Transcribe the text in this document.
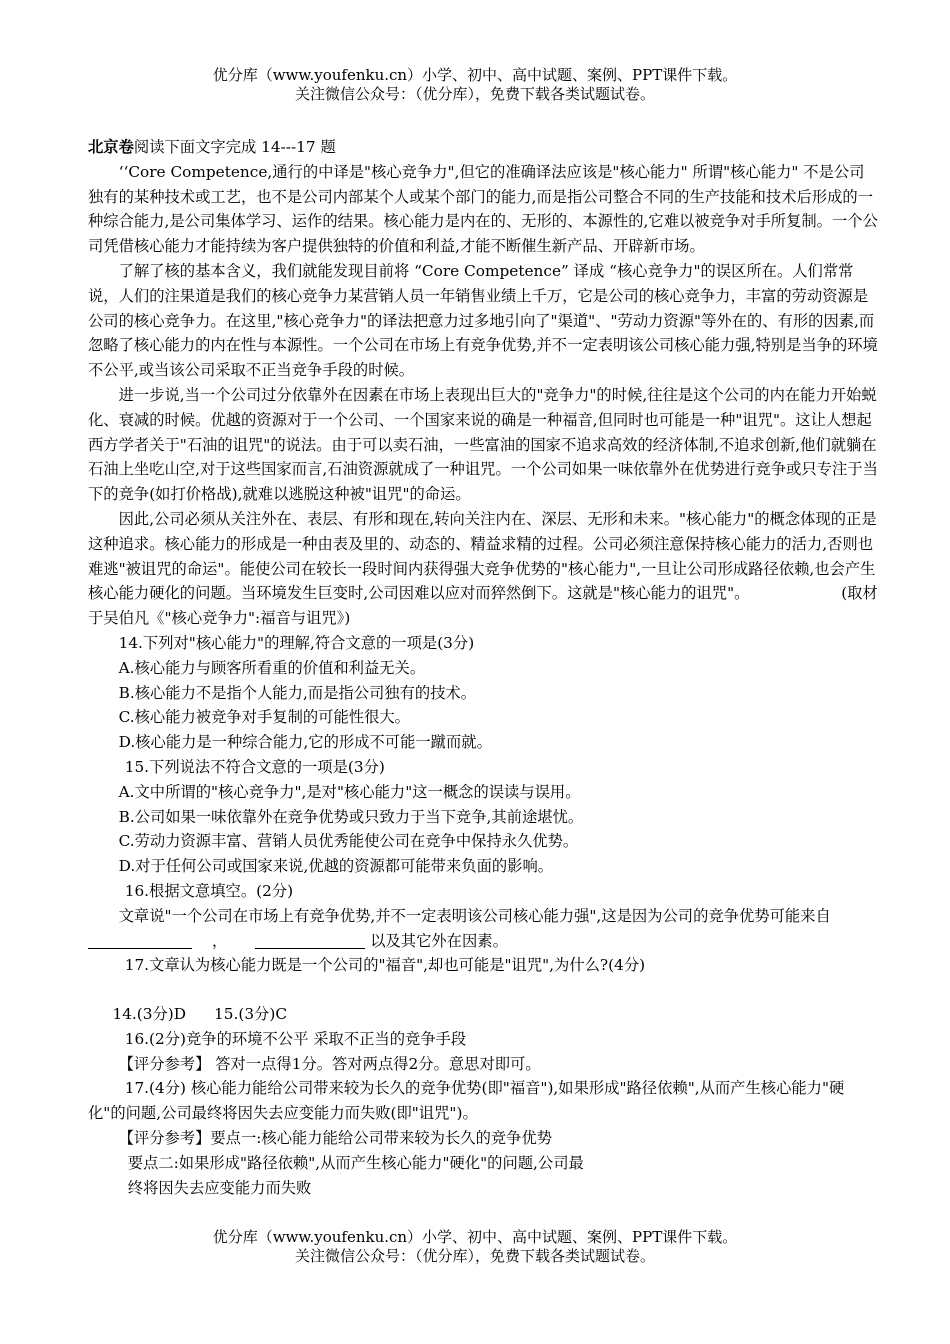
优分库（www.youfenku.cn）小学、初中、高中试题、案例、PPT课件下载。
关注微信公众号：（优分库），免费下载各类试题试卷。

北京卷阅读下面文字完成 14---17 题

‘‘Core Competence,通行的中译是"核心竞争力",但它的准确译法应该是"核心能力" 所谓"核心能力" 不是公司独有的某种技术或工艺，也不是公司内部某个人或某个部门的能力,而是指公司整合不同的生产技能和技术后形成的一种综合能力,是公司集体学习、运作的结果。核心能力是内在的、无形的、本源性的,它难以被竞争对手所复制。一个公司凭借核心能力才能持续为客户提供独特的价值和利益,才能不断催生新产品、开辟新市场。

了解了核的基本含义，我们就能发现目前将 “Core Competence” 译成 “核心竞争力"的误区所在。人们常常说，人们的注果道是我们的核心竞争力某营销人员一年销售业绩上千万，它是公司的核心竞争力，丰富的劳动资源是公司的核心竞争力。在这里,"核心竞争力"的译法把意力过多地引向了"渠道"、"劳动力资源"等外在的、有形的因素,而忽略了核心能力的内在性与本源性。一个公司在市场上有竞争优势,并不一定表明该公司核心能力强,特别是当争的环境不公平,或当该公司采取不正当竞争手段的时候。

进一步说,当一个公司过分依靠外在因素在市场上表现出巨大的"竞争力"的时候,往往是这个公司的内在能力开始蜕化、衰减的时候。优越的资源对于一个公司、一个国家来说的确是一种福音,但同时也可能是一种"诅咒"。这让人想起西方学者关于"石油的诅咒"的说法。由于可以卖石油，一些富油的国家不追求高效的经济体制,不追求创新,他们就躺在石油上坐吃山空,对于这些国家而言,石油资源就成了一种诅咒。一个公司如果一味依靠外在优势进行竞争或只专注于当下的竞争(如打价格战),就难以逃脱这种被"诅咒"的命运。

因此,公司必须从关注外在、表层、有形和现在,转向关注内在、深层、无形和未来。"核心能力"的概念体现的正是这种追求。核心能力的形成是一种由表及里的、动态的、精益求精的过程。公司必须注意保持核心能力的活力,否则也难逃"被诅咒的命运"。能使公司在较长一段时间内获得强大竞争优势的"核心能力",一旦让公司形成路径依赖,也会产生核心能力硬化的问题。当环境发生巨变时,公司因难以应对而猝然倒下。这就是"核心能力的诅咒"。	(取材于吴伯凡《"核心竞争力":福音与诅咒》)

14.下列对"核心能力"的理解,符合文意的一项是(3分)

A.核心能力与顾客所看重的价值和利益无关。

B.核心能力不是指个人能力,而是指公司独有的技术。

C.核心能力被竞争对手复制的可能性很大。

D.核心能力是一种综合能力,它的形成不可能一蹴而就。

15.下列说法不符合文意的一项是(3分)

A.文中所谓的"核心竞争力",是对"核心能力"这一概念的误读与误用。

B.公司如果一味依靠外在竞争优势或只致力于当下竞争,其前途堪忧。

C.劳动力资源丰富、营销人员优秀能使公司在竞争中保持永久优势。

D.对于任何公司或国家来说,优越的资源都可能带来负面的影响。

16.根据文意填空。(2分)

文章说"一个公司在市场上有竞争优势,并不一定表明该公司核心能力强",这是因为公司的竞争优势可能来自，	以及其它外在因素。

17.文章认为核心能力既是一个公司的"福音",却也可能是"诅咒",为什么?(4分)

14.(3分)D 15.(3分)C

16.(2分)竞争的环境不公平 采取不正当的竞争手段

【评分参考】 答对一点得1分。答对两点得2分。意思对即可。

17.(4分) 核心能力能给公司带来较为长久的竞争优势(即"福音"),如果形成"路径依赖",从而产生核心能力"硬化"的问题,公司最终将因失去应变能力而失败(即"诅咒")。

【评分参考】要点一:核心能力能给公司带来较为长久的竞争优势

要点二:如果形成"路径依赖",从而产生核心能力"硬化"的问题,公司最

终将因失去应变能力而失败

优分库（www.youfenku.cn）小学、初中、高中试题、案例、PPT课件下载。
关注微信公众号：（优分库），免费下载各类试题试卷。
